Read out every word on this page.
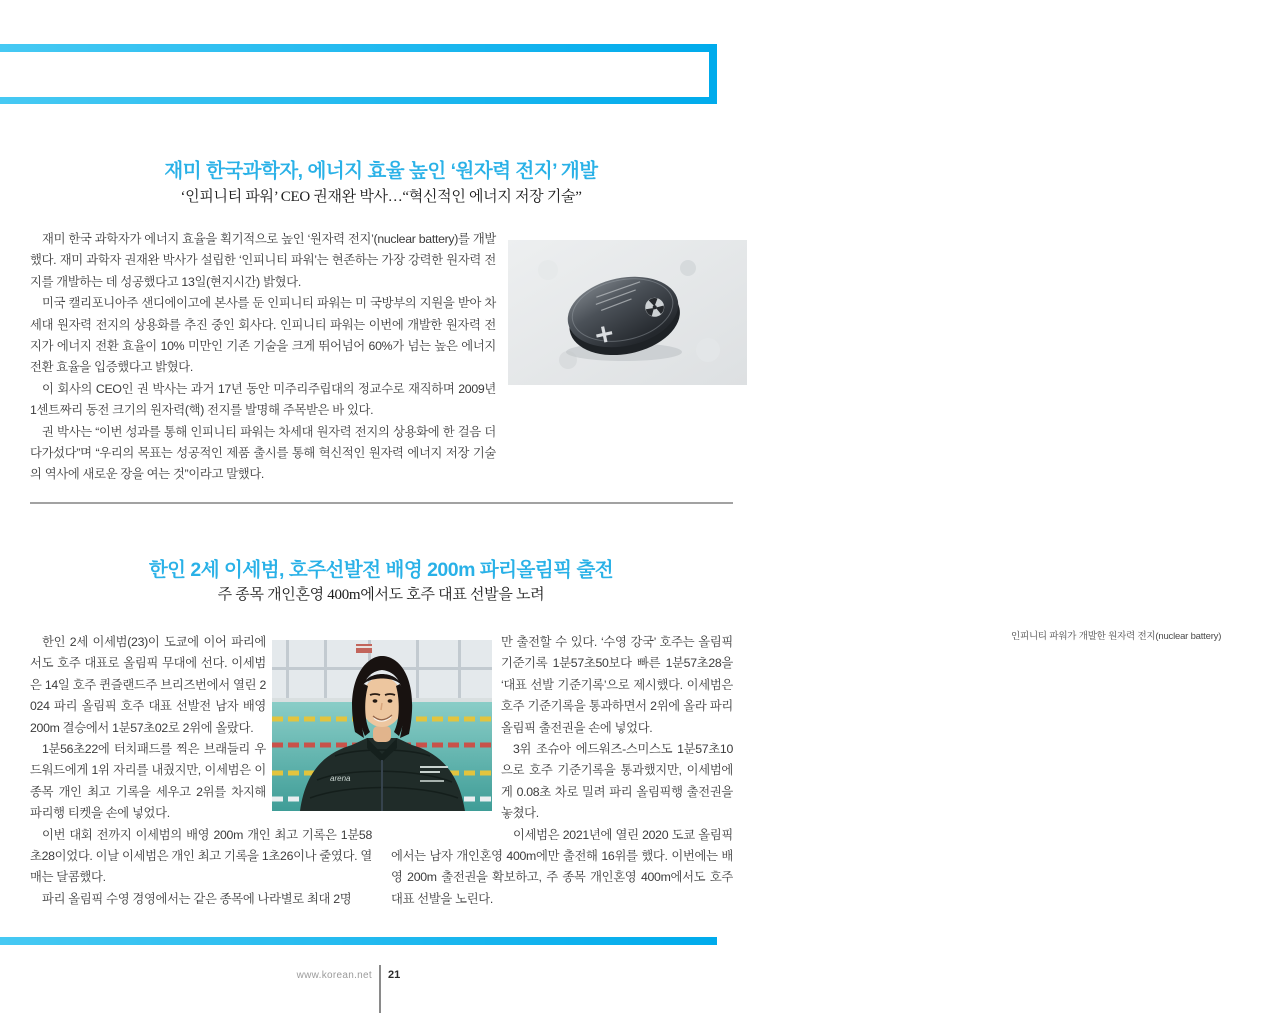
재미 한국과학자, 에너지 효율 높인 ‘원자력 전지’ 개발
‘인피니티 파워’ CEO 권재완 박사…“혁신적인 에너지 저장 기술”

재미 한국 과학자가 에너지 효율을 획기적으로 높인 ‘원자력 전지’(nuclear battery)를 개발했다. 재미 과학자 권재완 박사가 설립한 ‘인피니티 파워’는 현존하는 가장 강력한 원자력 전지를 개발하는 데 성공했다고 13일(현지시간) 밝혔다.

미국 캘리포니아주 샌디에이고에 본사를 둔 인피니티 파워는 미 국방부의 지원을 받아 차세대 원자력 전지의 상용화를 추진 중인 회사다. 인피니티 파워는 이번에 개발한 원자력 전지가 에너지 전환 효율이 10% 미만인 기존 기술을 크게 뛰어넘어 60%가 넘는 높은 에너지 전환 효율을 입증했다고 밝혔다.

이 회사의 CEO인 권 박사는 과거 17년 동안 미주리주립대의 정교수로 재직하며 2009년 1센트짜리 동전 크기의 원자력(핵) 전지를 발명해 주목받은 바 있다.

권 박사는 “이번 성과를 통해 인피니티 파워는 차세대 원자력 전지의 상용화에 한 걸음 더 다가섰다”며 “우리의 목표는 성공적인 제품 출시를 통해 혁신적인 원자력 에너지 저장 기술의 역사에 새로운 장을 여는 것”이라고 말했다.

인피니티 파워가 개발한 원자력 전지(nuclear battery)
한인 2세 이세범, 호주선발전 배영 200m 파리올림픽 출전
주 종목 개인혼영 400m에서도 호주 대표 선발을 노려

한인 2세 이세범(23)이 도쿄에 이어 파리에서도 호주 대표로 올림픽 무대에 선다. 이세범은 14일 호주 퀸즐랜드주 브리즈번에서 열린 2024 파리 올림픽 호주 대표 선발전 남자 배영 200m 결승에서 1분57초02로 2위에 올랐다.

1분56초22에 터치패드를 찍은 브래들리 우드워드에게 1위 자리를 내줬지만, 이세범은 이 종목 개인 최고 기록을 세우고 2위를 차지해 파리행 티켓을 손에 넣었다.

이번 대회 전까지 이세범의 배영 200m 개인 최고 기록은 1분58초28이었다. 이날 이세범은 개인 최고 기록을 1초26이나 줄였다. 열매는 달콤했다.

파리 올림픽 수영 경영에서는 같은 종목에 나라별로 최대 2명

만 출전할 수 있다. ‘수영 강국’ 호주는 올림픽 기준기록 1분57초50보다 빠른 1분57초28을 ‘대표 선발 기준기록’으로 제시했다. 이세범은 호주 기준기록을 통과하면서 2위에 올라 파리 올림픽 출전권을 손에 넣었다.

3위 조슈아 에드워즈-스미스도 1분57초10으로 호주 기준기록을 통과했지만, 이세범에게 0.08초 차로 밀려 파리 올림픽행 출전권을 놓쳤다.

이세범은 2021년에 열린 2020 도쿄 올림픽에서는 남자 개인혼영 400m에만 출전해 16위를 했다. 이번에는 배영 200m 출전권을 확보하고, 주 종목 개인혼영 400m에서도 호주 대표 선발을 노린다.

arena
www.korean.net 21
